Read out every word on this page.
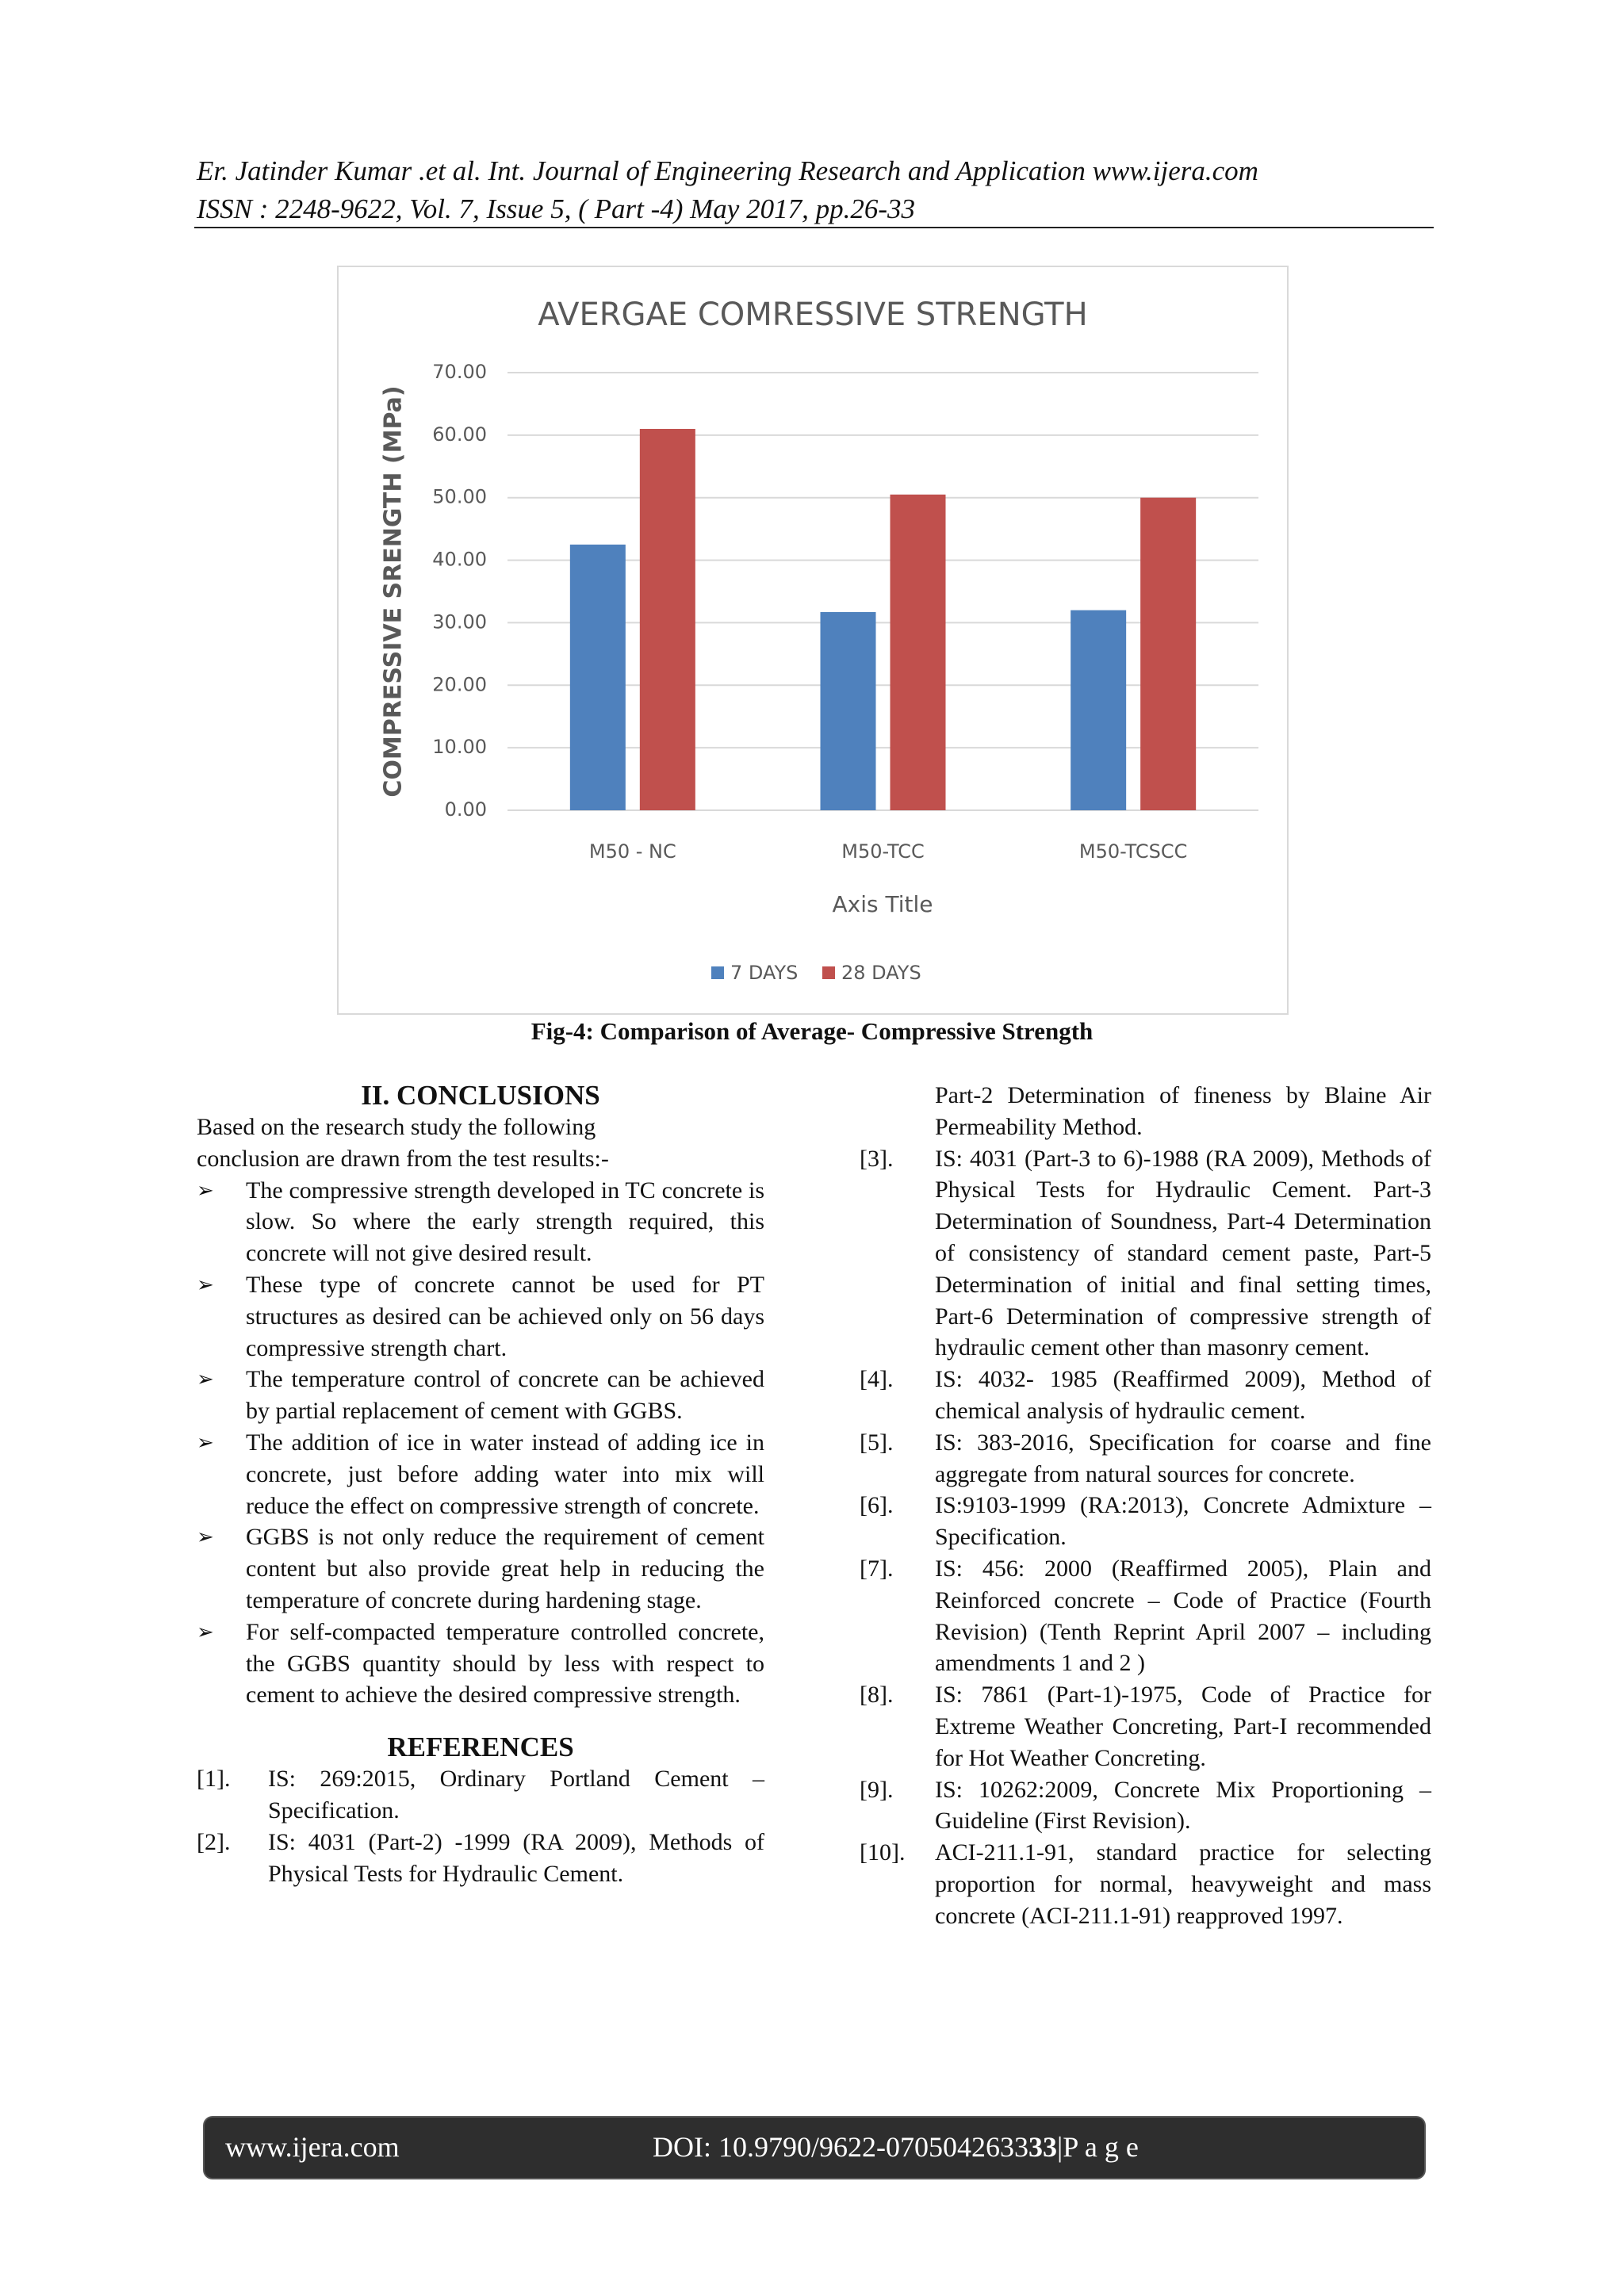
Er. Jatinder Kumar .et al. Int. Journal of Engineering Research and Application www.ijera.com
ISSN : 2248-9622, Vol. 7, Issue 5, ( Part -4) May 2017, pp.26-33
AVERGAE COMRESSIVE STRENGTH
0.00
10.00
20.00
30.00
40.00
50.00
60.00
70.00
COMPRESSIVE SRENGTH (MPa)
M50 - NC	M50-TCC	M50-TCSCC
Axis Title
7 DAYS 28 DAYS
Fig-4: Comparison of Average- Compressive Strength
II. CONCLUSIONS
Based on the research study the following
conclusion are drawn from the test results:-
➢ The compressive strength developed in TC concrete is slow. So where the early strength required, this concrete will not give desired result.
➢ These type of concrete cannot be used for PT structures as desired can be achieved only on 56 days compressive strength chart.
➢ The temperature control of concrete can be achieved by partial replacement of cement with GGBS.
➢ The addition of ice in water instead of adding ice in concrete, just before adding water into mix will reduce the effect on compressive strength of concrete.
➢ GGBS is not only reduce the requirement of cement content but also provide great help in reducing the temperature of concrete during hardening stage.
➢ For self-compacted temperature controlled concrete, the GGBS quantity should by less with respect to cement to achieve the desired compressive strength.
REFERENCES
[1]. IS: 269:2015, Ordinary Portland Cement – Specification.
[2]. IS: 4031 (Part-2) -1999 (RA 2009), Methods of Physical Tests for Hydraulic Cement.
Part-2 Determination of fineness by Blaine Air Permeability Method.
[3]. IS: 4031 (Part-3 to 6)-1988 (RA 2009), Methods of Physical Tests for Hydraulic Cement. Part-3 Determination of Soundness, Part-4 Determination of consistency of standard cement paste, Part-5 Determination of initial and final setting times, Part-6 Determination of compressive strength of hydraulic cement other than masonry cement.
[4]. IS: 4032- 1985 (Reaffirmed 2009), Method of chemical analysis of hydraulic cement.
[5]. IS: 383-2016, Specification for coarse and fine aggregate from natural sources for concrete.
[6]. IS:9103-1999 (RA:2013), Concrete Admixture – Specification.
[7]. IS: 456: 2000 (Reaffirmed 2005), Plain and Reinforced concrete – Code of Practice (Fourth Revision) (Tenth Reprint April 2007 – including amendments 1 and 2 )
[8]. IS: 7861 (Part-1)-1975, Code of Practice for Extreme Weather Concreting, Part-I recommended for Hot Weather Concreting.
[9]. IS: 10262:2009, Concrete Mix Proportioning – Guideline (First Revision).
[10]. ACI-211.1-91, standard practice for selecting proportion for normal, heavyweight and mass concrete (ACI-211.1-91) reapproved 1997.
www.ijera.com	DOI: 10.9790/9622-070504263333|P a g e
